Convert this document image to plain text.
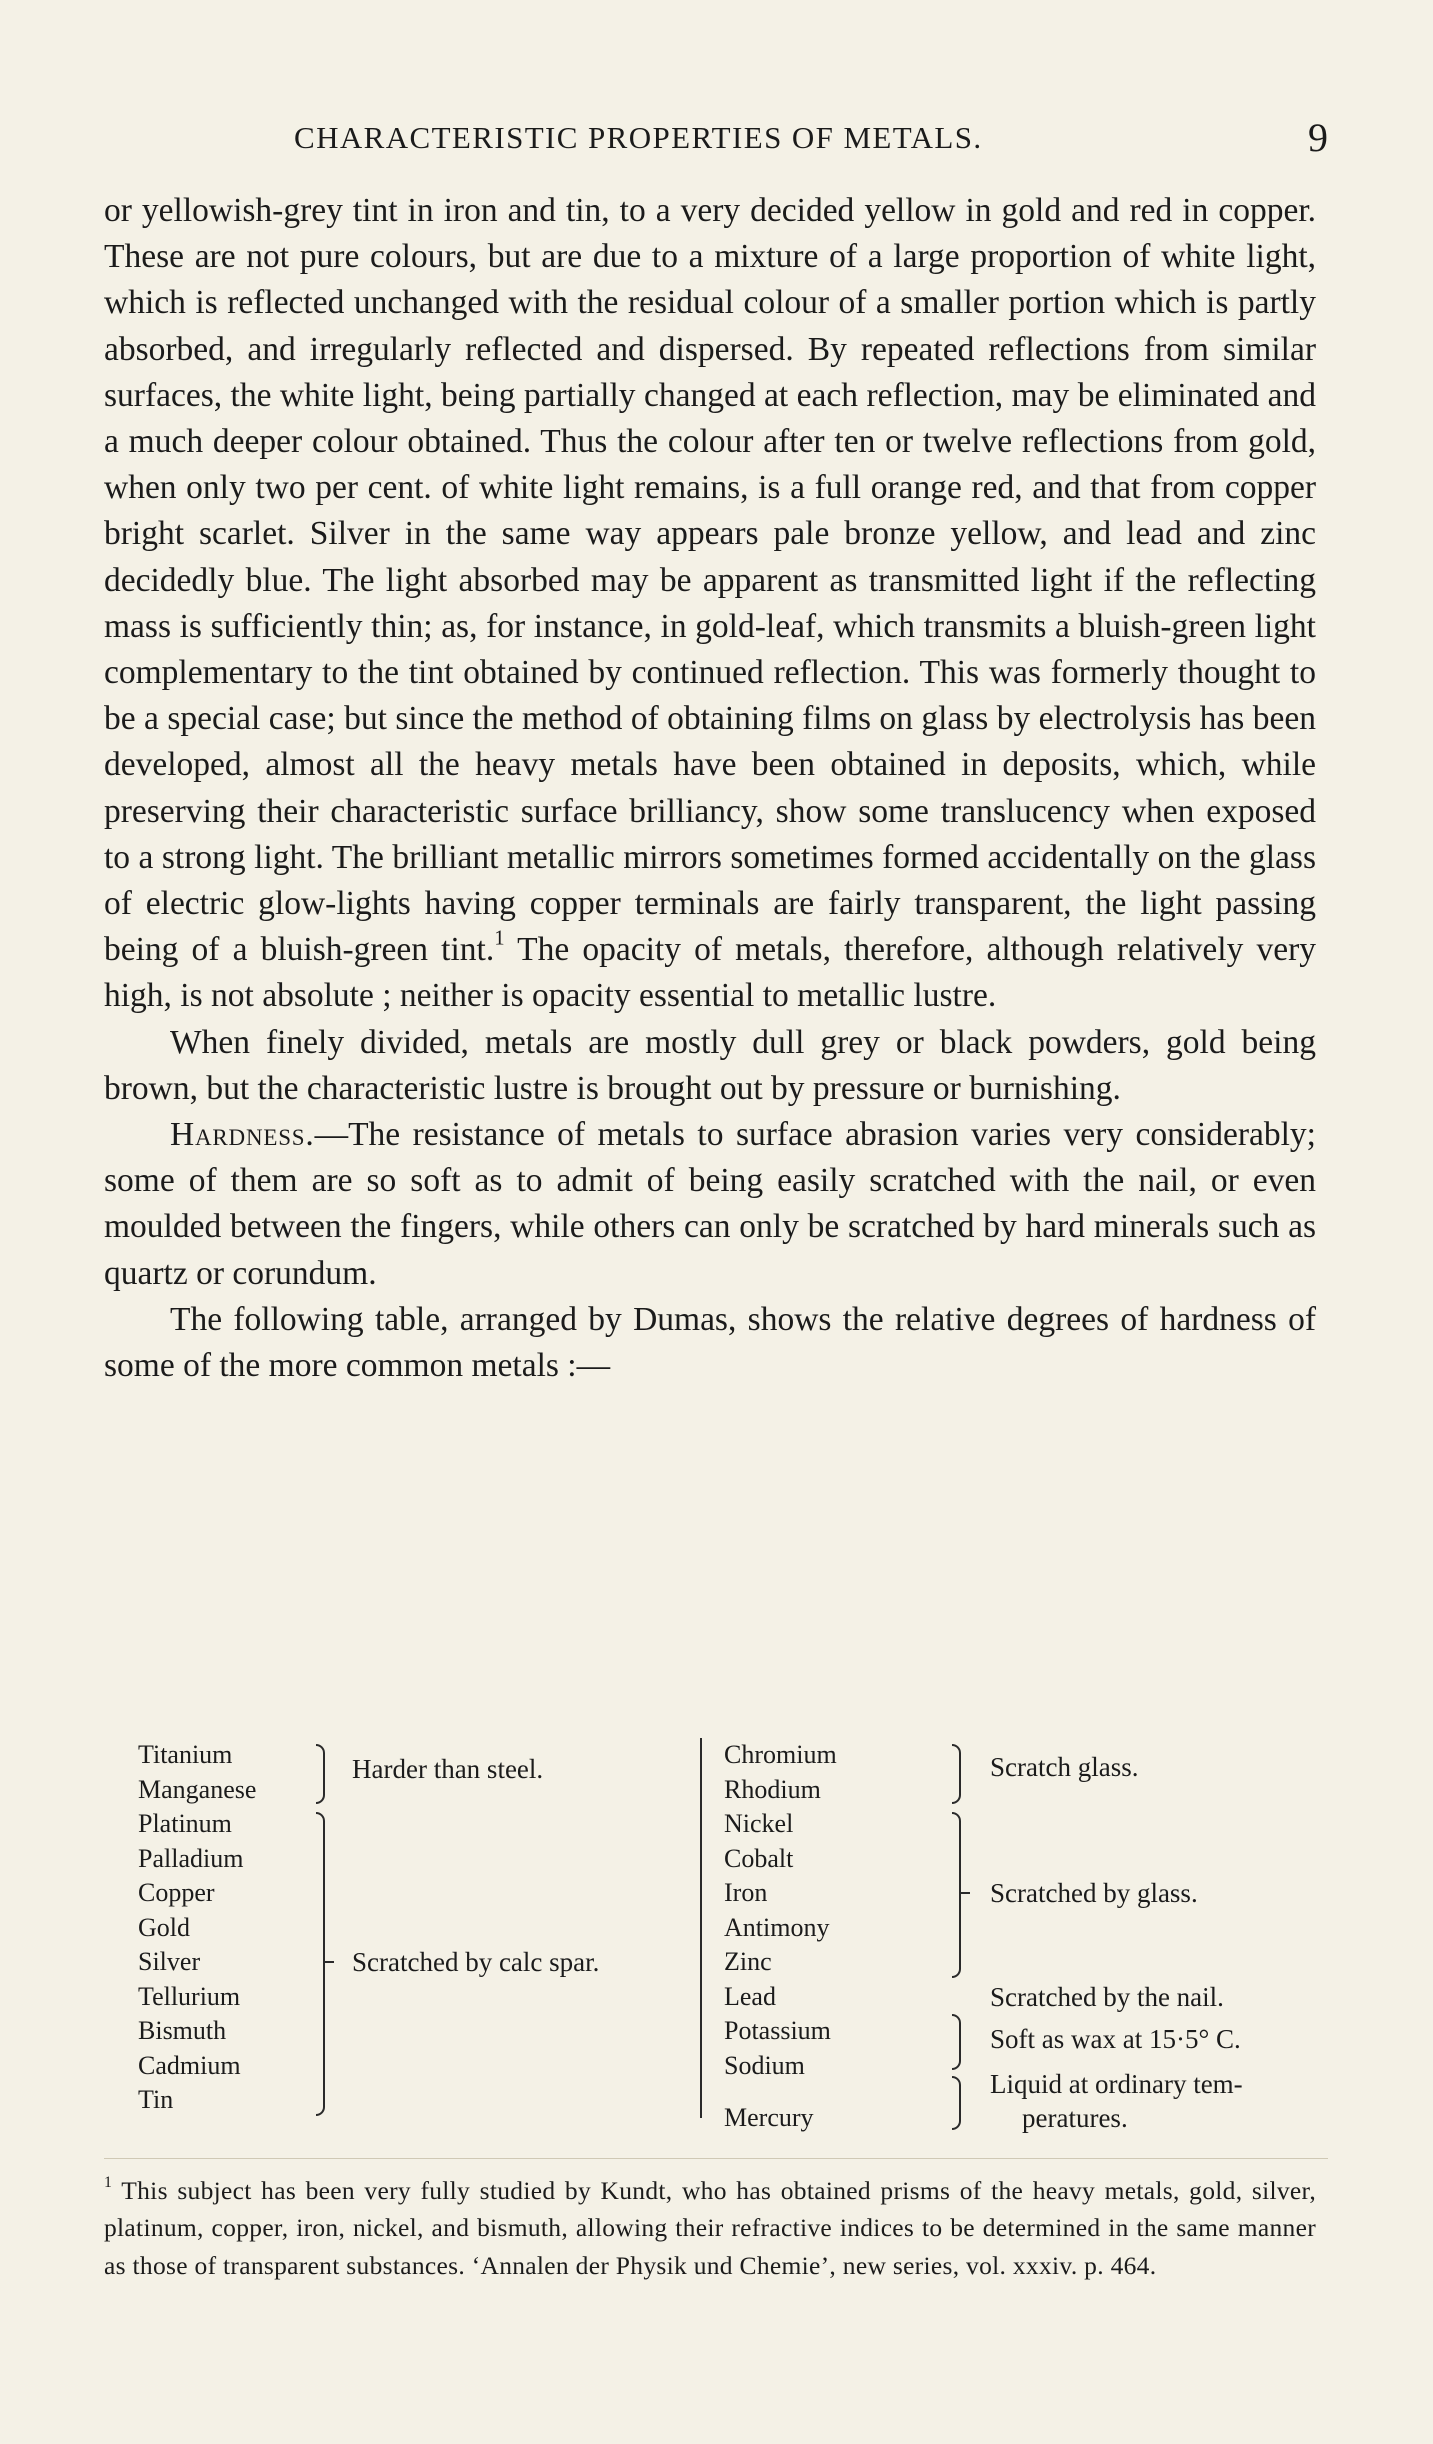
CHARACTERISTIC PROPERTIES OF METALS.	9

or yellowish-grey tint in iron and tin, to a very decided yellow in gold and red in copper. These are not pure colours, but are due to a mixture of a large proportion of white light, which is reflected unchanged with the residual colour of a smaller portion which is partly absorbed, and irregularly reflected and dispersed. By repeated reflections from similar surfaces, the white light, being partially changed at each reflection, may be eliminated and a much deeper colour obtained. Thus the colour after ten or twelve reflections from gold, when only two per cent. of white light remains, is a full orange red, and that from copper bright scarlet. Silver in the same way appears pale bronze yellow, and lead and zinc decidedly blue. The light absorbed may be apparent as transmitted light if the reflecting mass is sufficiently thin; as, for instance, in gold-leaf, which transmits a bluish-green light complementary to the tint obtained by continued reflection. This was formerly thought to be a special case; but since the method of obtaining films on glass by electrolysis has been developed, almost all the heavy metals have been obtained in deposits, which, while preserving their characteristic surface brilliancy, show some translucency when exposed to a strong light. The brilliant metallic mirrors sometimes formed accidentally on the glass of electric glow-lights having copper terminals are fairly transparent, the light passing being of a bluish-green tint.$^1$ The opacity of metals, therefore, although relatively very high, is not absolute ; neither is opacity essential to metallic lustre.

When finely divided, metals are mostly dull grey or black powders, gold being brown, but the characteristic lustre is brought out by pressure or burnishing.

Hardness.—The resistance of metals to surface abrasion varies very considerably; some of them are so soft as to admit of being easily scratched with the nail, or even moulded between the fingers, while others can only be scratched by hard minerals such as quartz or corundum.

The following table, arranged by Dumas, shows the relative degrees of hardness of some of the more common metals :—

Titanium
Manganese
Platinum
Palladium
Copper
Gold
Silver
Tellurium
Bismuth
Cadmium
Tin
Harder than steel.
Scratched by calc spar.
Chromium
Rhodium
Nickel
Cobalt
Iron
Antimony
Zinc
Lead
Potassium
Sodium
Mercury
Scratch glass.
Scratched by glass.
Scratched by the nail.
Soft as wax at 15·5° C.
Liquid at ordinary tem-
peratures.

$^1$ This subject has been very fully studied by Kundt, who has obtained prisms of the heavy metals, gold, silver, platinum, copper, iron, nickel, and bismuth, allowing their refractive indices to be determined in the same manner as those of transparent substances. ‘Annalen der Physik und Chemie’, new series, vol. xxxiv. p. 464.
